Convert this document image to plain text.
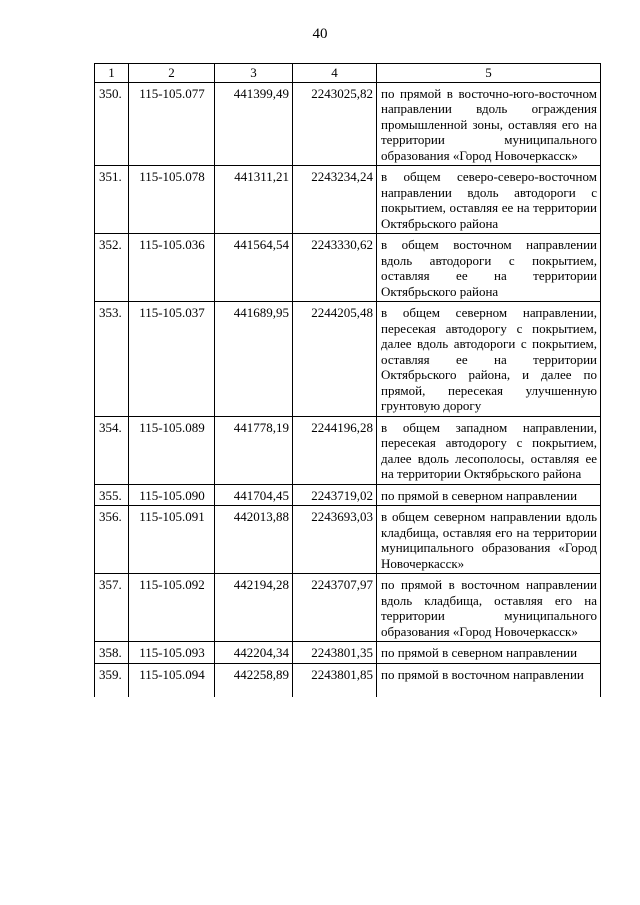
40
1	2	3	4	5
350.	115-105.077	441399,49	2243025,82	по прямой в восточно-юго-восточном направлении вдоль ограждения промышленной зоны, оставляя его на территории муниципального образования «Город Новочеркасск»
351.	115-105.078	441311,21	2243234,24	в общем северо-северо-восточном направлении вдоль автодороги с покрытием, оставляя ее на территории Октябрьского района
352.	115-105.036	441564,54	2243330,62	в общем восточном направлении вдоль автодороги с покрытием, оставляя ее на территории Октябрьского района
353.	115-105.037	441689,95	2244205,48	в общем северном направлении, пересекая автодорогу с покрытием, далее вдоль автодороги с покрытием, оставляя ее на территории Октябрьского района, и далее по прямой, пересекая улучшенную грунтовую дорогу
354.	115-105.089	441778,19	2244196,28	в общем западном направлении, пересекая автодорогу с покрытием, далее вдоль лесополосы, оставляя ее на территории Октябрьского района
355.	115-105.090	441704,45	2243719,02	по прямой в северном направлении
356.	115-105.091	442013,88	2243693,03	в общем северном направлении вдоль кладбища, оставляя его на территории муниципального образования «Город Новочеркасск»
357.	115-105.092	442194,28	2243707,97	по прямой в восточном направлении вдоль кладбища, оставляя его на территории муниципального образования «Город Новочеркасск»
358.	115-105.093	442204,34	2243801,35	по прямой в северном направлении
359.	115-105.094	442258,89	2243801,85	по прямой в восточном направлении
